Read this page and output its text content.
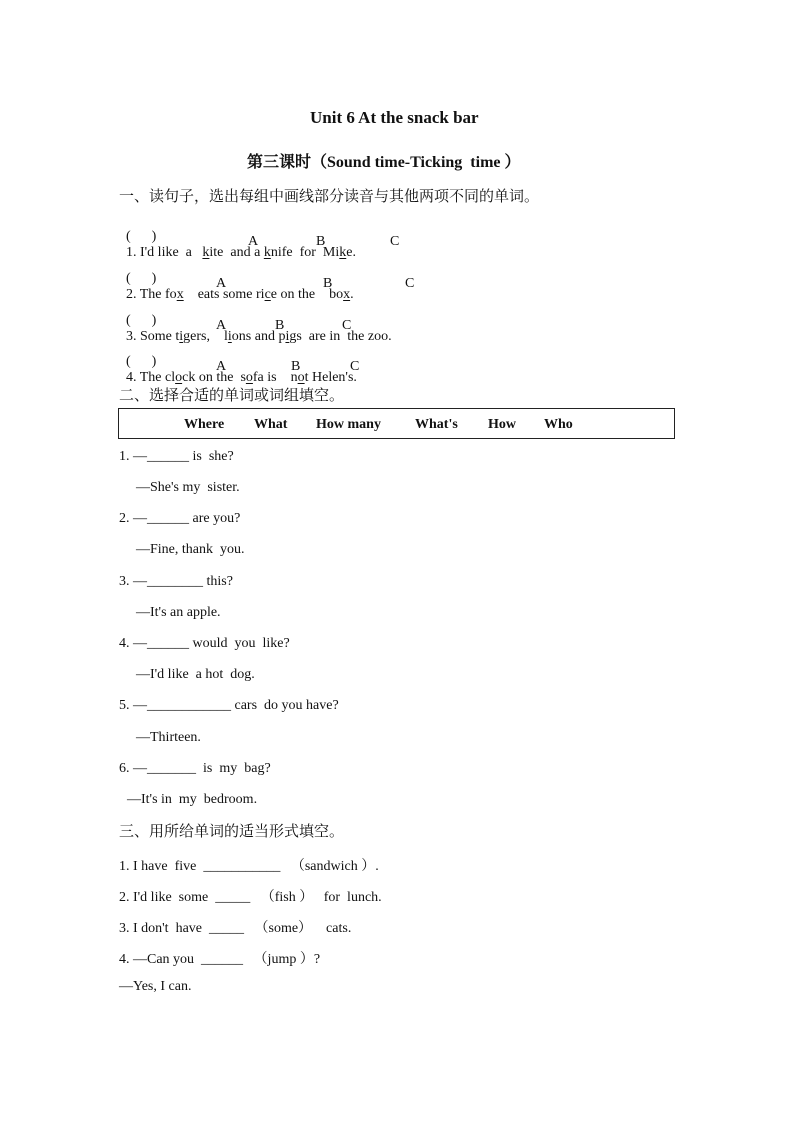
Unit 6 At the snack bar
第三课时（Sound time-Ticking  time ）
一、读句子，选出每组中画线部分读音与其他两项不同的单词。

(      )
1. I'd like  a   kite  and a knife  for  Mike.

A	B	C

(      )
2. The fox    eats some rice on the    box.

A	B	C

(      )
3. Some tigers,    lions and pigs  are in  the zoo.

A	B	C

(      )
4. The clock on the  sofa is    not Helen's.

A	B	C
二、选择合适的单词或词组填空。
Where What How many What's How Who
1. —______ is  she?
—She's my  sister.
2. —______ are you?
—Fine, thank  you.
3. —________ this?
—It's an apple.
4. —______ would  you  like?
—I'd like  a hot  dog.
5. —____________ cars  do you have?
—Thirteen.
6. —_______  is  my  bag?
—It's in  my  bedroom.
三、用所给单词的适当形式填空。
1. I have  five  ___________   （sandwich ）.
2. I'd like  some  _____   （fish ）   for  lunch.
3. I don't  have  _____   （some）    cats.
4. —Can you  ______   （jump ）?
—Yes, I can.
